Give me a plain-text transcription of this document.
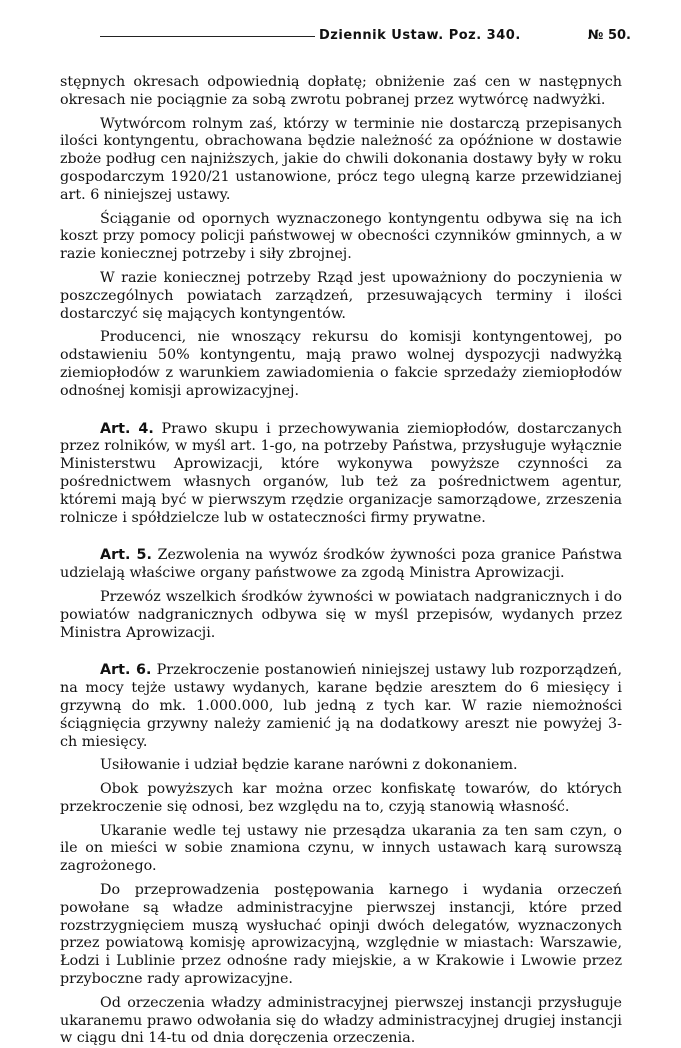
Dziennik Ustaw. Poz. 340.	№ 50.

stępnych okresach odpowiednią dopłatę; obniżenie zaś cen w następnych okresach nie pociągnie za sobą zwrotu pobranej przez wytwórcę nadwyżki.

Wytwórcom rolnym zaś, którzy w terminie nie dostarczą przepisanych ilości kontyngentu, obrachowana będzie należność za opóźnione w dostawie zboże podług cen najniższych, jakie do chwili dokonania dostawy były w roku gospodarczym 1920/21 ustanowione, prócz tego ulegną karze przewidzianej art. 6 niniejszej ustawy.

Ściąganie od opornych wyznaczonego kontyngentu odbywa się na ich koszt przy pomocy policji państwowej w obecności czynników gminnych, a w razie koniecznej potrzeby i siły zbrojnej.

W razie koniecznej potrzeby Rząd jest upoważniony do poczynienia w poszczególnych powiatach zarządzeń, przesuwających terminy i ilości dostarczyć się mających kontyngentów.

Producenci, nie wnoszący rekursu do komisji kontyngentowej, po odstawieniu 50% kontyngentu, mają prawo wolnej dyspozycji nadwyżką ziemiopłodów z warunkiem zawiadomienia o fakcie sprzedaży ziemiopłodów odnośnej komisji aprowizacyjnej.

Art. 4. Prawo skupu i przechowywania ziemiopłodów, dostarczanych przez rolników, w myśl art. 1-go, na potrzeby Państwa, przysługuje wyłącznie Ministerstwu Aprowizacji, które wykonywa powyższe czynności za pośrednictwem własnych organów, lub też za pośrednictwem agentur, któremi mają być w pierwszym rzędzie organizacje samorządowe, zrzeszenia rolnicze i spółdzielcze lub w ostateczności firmy prywatne.

Art. 5. Zezwolenia na wywóz środków żywności poza granice Państwa udzielają właściwe organy państwowe za zgodą Ministra Aprowizacji.

Przewóz wszelkich środków żywności w powiatach nadgranicznych i do powiatów nadgranicznych odbywa się w myśl przepisów, wydanych przez Ministra Aprowizacji.

Art. 6. Przekroczenie postanowień niniejszej ustawy lub rozporządzeń, na mocy tejże ustawy wydanych, karane będzie aresztem do 6 miesięcy i grzywną do mk. 1.000.000, lub jedną z tych kar. W razie niemożności ściągnięcia grzywny należy zamienić ją na dodatkowy areszt nie powyżej 3-ch miesięcy.

Usiłowanie i udział będzie karane narówni z dokonaniem.

Obok powyższych kar można orzec konfiskatę towarów, do których przekroczenie się odnosi, bez względu na to, czyją stanowią własność.

Ukaranie wedle tej ustawy nie przesądza ukarania za ten sam czyn, o ile on mieści w sobie znamiona czynu, w innych ustawach karą surowszą zagrożonego.

Do przeprowadzenia postępowania karnego i wydania orzeczeń powołane są władze administracyjne pierwszej instancji, które przed rozstrzygnięciem muszą wysłuchać opinji dwóch delegatów, wyznaczonych przez powiatową komisję aprowizacyjną, względnie w miastach: Warszawie, Łodzi i Lublinie przez odnośne rady miejskie, a w Krakowie i Lwowie przez przyboczne rady aprowizacyjne.

Od orzeczenia władzy administracyjnej pierwszej instancji przysługuje ukaranemu prawo odwołania się do władzy administracyjnej drugiej instancji w ciągu dni 14-tu od dnia doręczenia orzeczenia.
